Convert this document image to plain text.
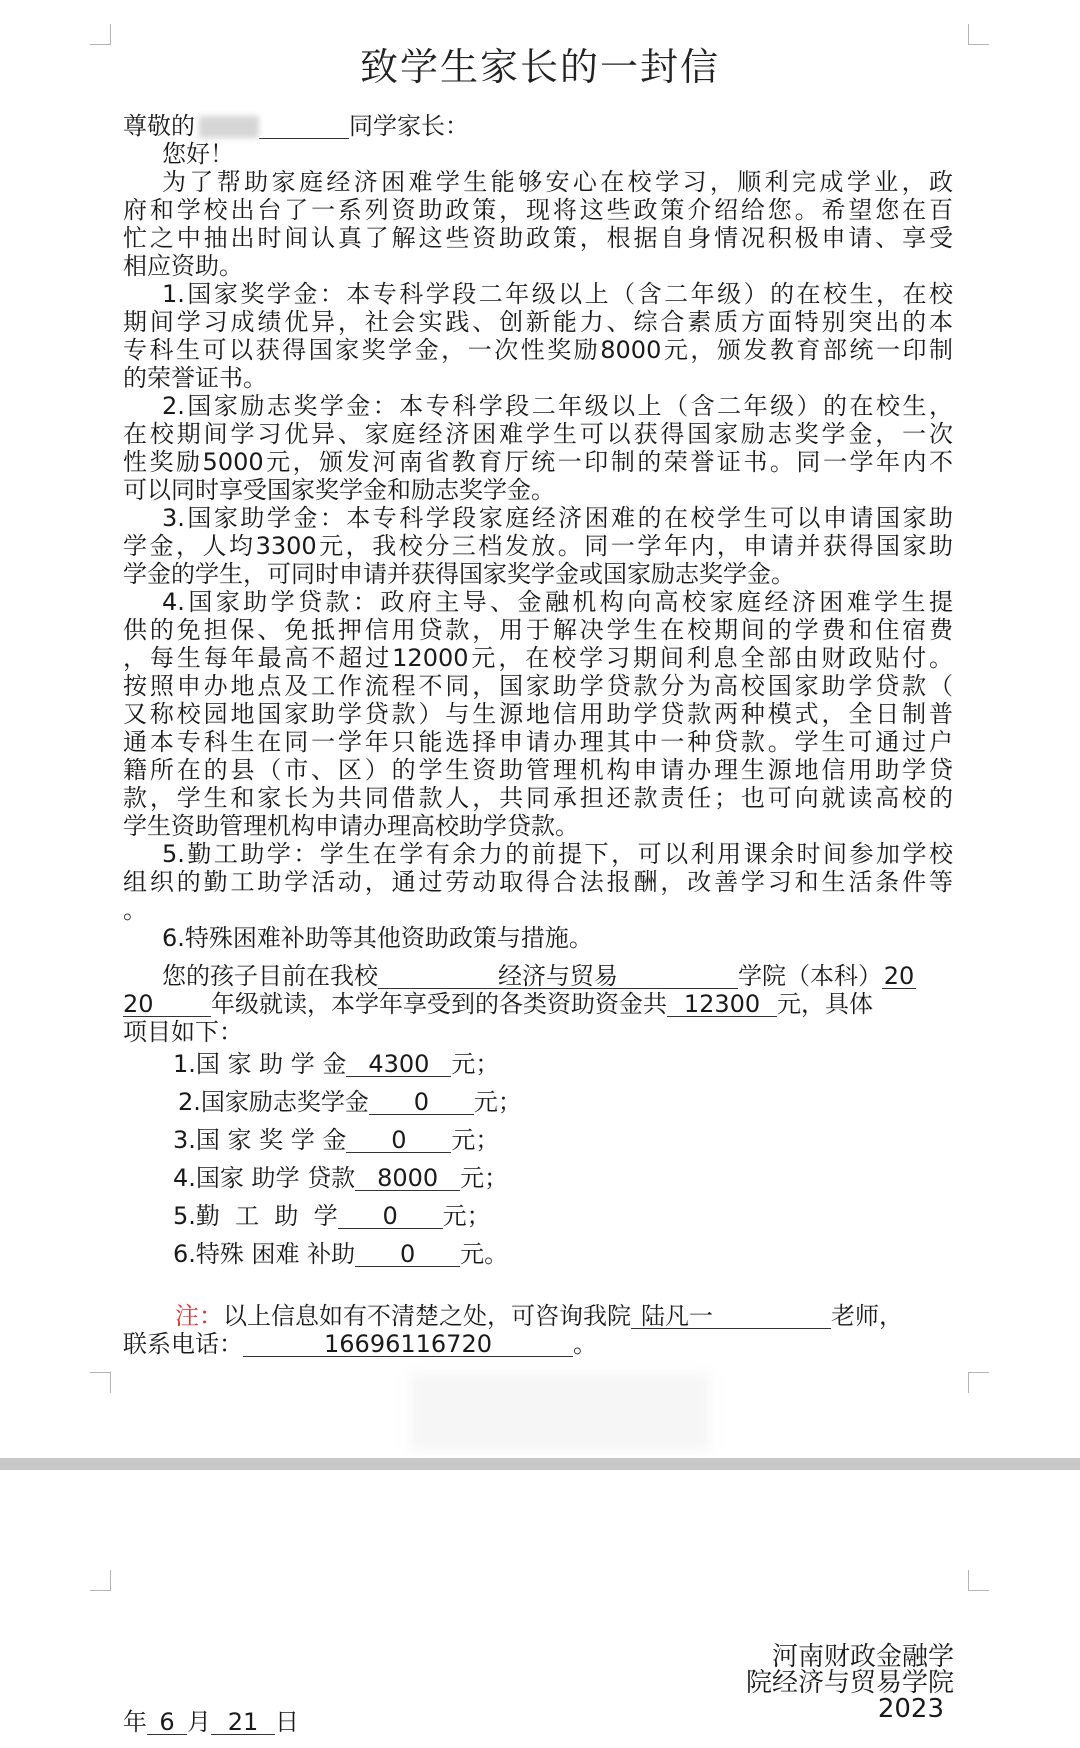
致学生家长的一封信
尊敬的	同学家长：
您好！
为了帮助家庭经济困难学生能够安心在校学习，顺利完成学业，政
府和学校出台了一系列资助政策，现将这些政策介绍给您。希望您在百
忙之中抽出时间认真了解这些资助政策，根据自身情况积极申请、享受
相应资助。
1.国家奖学金：本专科学段二年级以上（含二年级）的在校生，在校
期间学习成绩优异，社会实践、创新能力、综合素质方面特别突出的本
专科生可以获得国家奖学金，一次性奖励8000元，颁发教育部统一印制
的荣誉证书。
2.国家励志奖学金：本专科学段二年级以上（含二年级）的在校生，
在校期间学习优异、家庭经济困难学生可以获得国家励志奖学金，一次
性奖励5000元，颁发河南省教育厅统一印制的荣誉证书。同一学年内不
可以同时享受国家奖学金和励志奖学金。
3.国家助学金：本专科学段家庭经济困难的在校学生可以申请国家助
学金，人均3300元，我校分三档发放。同一学年内，申请并获得国家助
学金的学生，可同时申请并获得国家奖学金或国家励志奖学金。
4.国家助学贷款：政府主导、金融机构向高校家庭经济困难学生提
供的免担保、免抵押信用贷款，用于解决学生在校期间的学费和住宿费
，每生每年最高不超过12000元，在校学习期间利息全部由财政贴付。
按照申办地点及工作流程不同，国家助学贷款分为高校国家助学贷款（
又称校园地国家助学贷款）与生源地信用助学贷款两种模式，全日制普
通本专科生在同一学年只能选择申请办理其中一种贷款。学生可通过户
籍所在的县（市、区）的学生资助管理机构申请办理生源地信用助学贷
款，学生和家长为共同借款人，共同承担还款责任；也可向就读高校的
学生资助管理机构申请办理高校助学贷款。
5.勤工助学：学生在学有余力的前提下，可以利用课余时间参加学校
组织的勤工助学活动，通过劳动取得合法报酬，改善学习和生活条件等
。
6.特殊困难补助等其他资助政策与措施。
您的孩子目前在我校	经济与贸易	学院（本科）20
20 年级就读，本学年享受到的各类资助资金共 12300 元，具体
项目如下：
1.国 家 助 学 金 4300 元；
2.国家励志奖学金 0 元；
3.国 家 奖 学 金 0 元；
4.国家 助学 贷款 8000 元；
5.勤  工  助  学 0 元；
6.特殊 困难 补助 0 元。
注：以上信息如有不清楚之处，可咨询我院 陆凡一	老师，
联系电话：	16696116720	。
河南财政金融学
院经济与贸易学院
2023
年 6 月 21 日
